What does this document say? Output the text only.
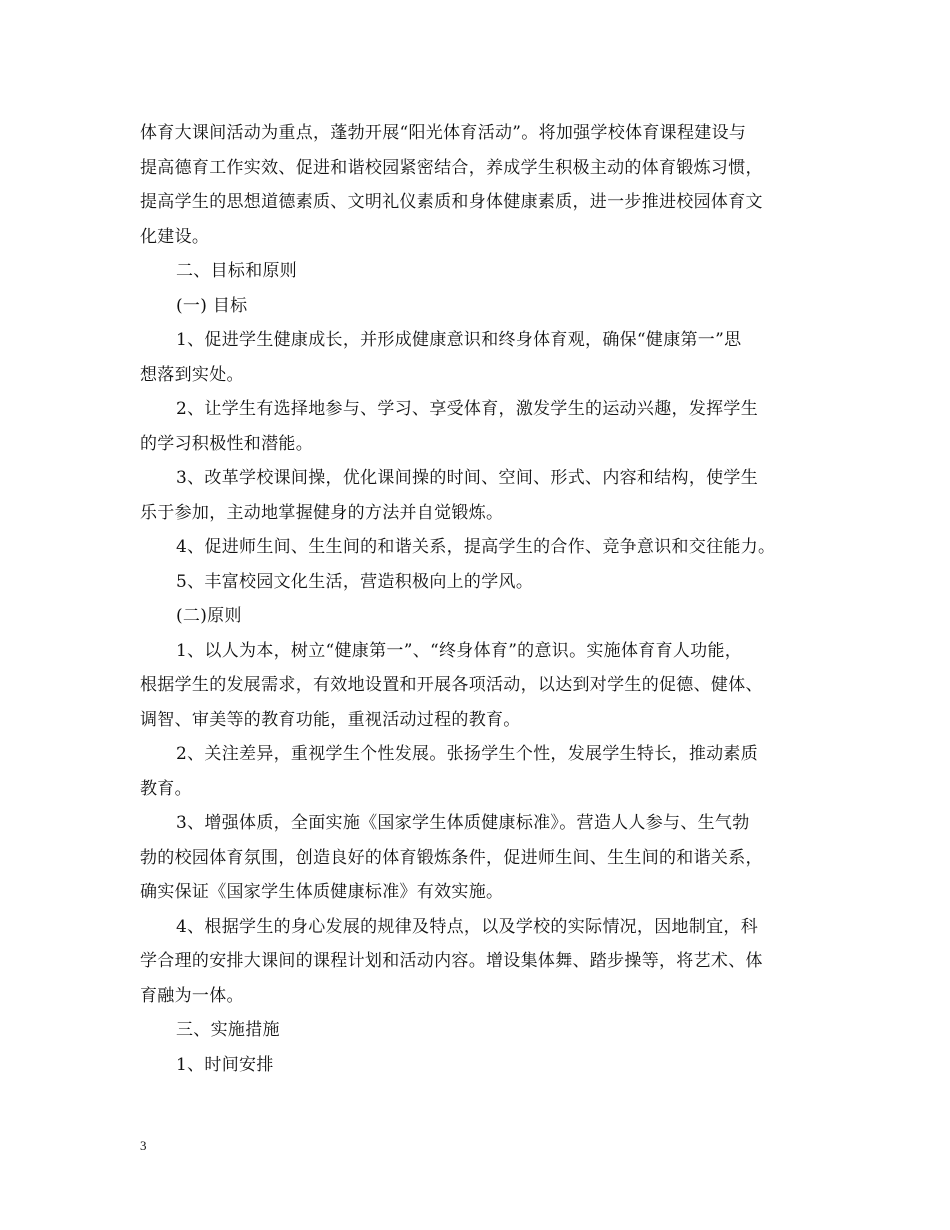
体育大课间活动为重点，蓬勃开展“阳光体育活动”。将加强学校体育课程建设与
提高德育工作实效、促进和谐校园紧密结合，养成学生积极主动的体育锻炼习惯，
提高学生的思想道德素质、文明礼仪素质和身体健康素质，进一步推进校园体育文
化建设。
二、目标和原则
(一) 目标
1、促进学生健康成长，并形成健康意识和终身体育观，确保“健康第一”思
想落到实处。
2、让学生有选择地参与、学习、享受体育，激发学生的运动兴趣，发挥学生
的学习积极性和潜能。
3、改革学校课间操，优化课间操的时间、空间、形式、内容和结构，使学生
乐于参加，主动地掌握健身的方法并自觉锻炼。
4、促进师生间、生生间的和谐关系，提高学生的合作、竞争意识和交往能力。
5、丰富校园文化生活，营造积极向上的学风。
(二)原则
1、以人为本，树立“健康第一”、“终身体育”的意识。实施体育育人功能，
根据学生的发展需求，有效地设置和开展各项活动，以达到对学生的促德、健体、
调智、审美等的教育功能，重视活动过程的教育。
2、关注差异，重视学生个性发展。张扬学生个性，发展学生特长，推动素质
教育。
3、增强体质，全面实施《国家学生体质健康标准》。营造人人参与、生气勃
勃的校园体育氛围，创造良好的体育锻炼条件，促进师生间、生生间的和谐关系，
确实保证《国家学生体质健康标准》有效实施。
4、根据学生的身心发展的规律及特点，以及学校的实际情况，因地制宜，科
学合理的安排大课间的课程计划和活动内容。增设集体舞、踏步操等，将艺术、体
育融为一体。
三、实施措施
1、时间安排
3
